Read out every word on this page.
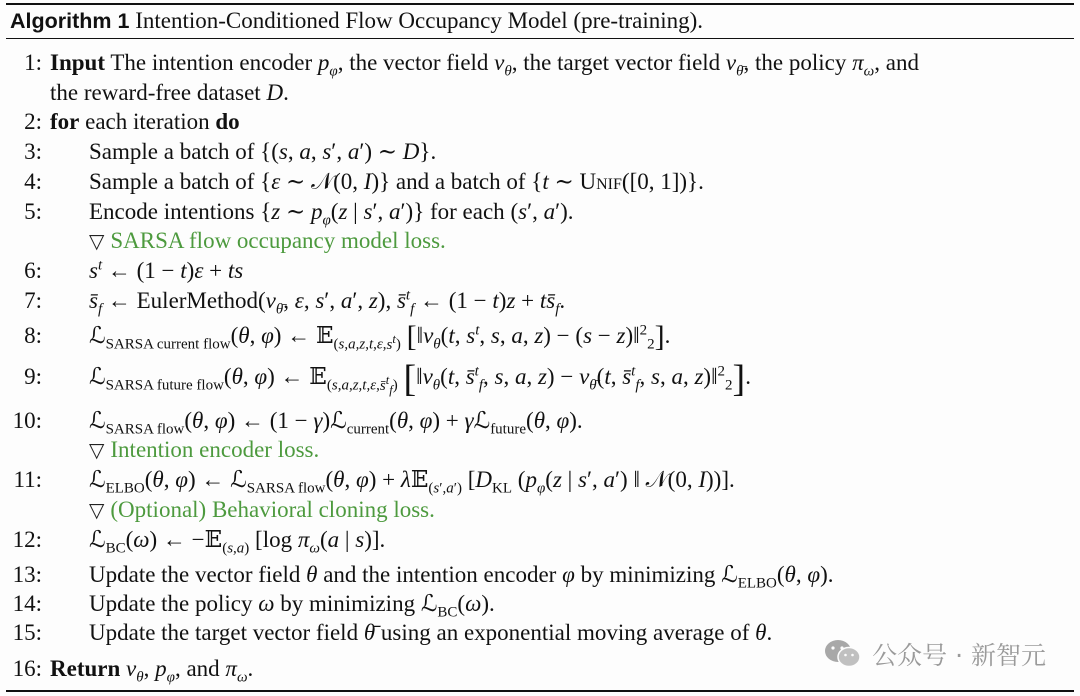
Algorithm 1 Intention-Conditioned Flow Occupancy Model (pre-training).
1: Input The intention encoder $p_\varphi$, the vector field $v_\theta$, the target vector field $v_{\thetā}$, the policy $\pi_\omega$, and
the reward-free dataset D.
2: for each iteration do
3: Sample a batch of {(s, a, s′, a′) ∼ D}.
4: Sample a batch of {ε ∼ 𝒩(0, I)} and a batch of {t ∼ Unif([0, 1])}.
5: Encode intentions {z ∼ $p_\varphi(z$ | s′, a′)} for each (s′, a′).
▽ SARSA flow occupancy model loss.
6: $s^t$ ← (1 − t)ε + ts
7: $s̄_f$ ← $EulerMethod(v_{\thetā}$, ε, s′, a′, z), s̄$^t_f$ ← $(1 - t)z + ts̄_f$.
8: ℒ$_{SARSA current flow}$(θ, φ) ← 𝔼$_{(s,a,z,t,\varepsilon,s^t)}$ [$‖v_\theta(t$, $s^t$, s, a, z) − (s − z)‖$^2_2$].
9: ℒ$_{SARSA future flow}$(θ, φ) ← 𝔼$_{(s,a,z,t,\varepsilon,s̄^t_f)}$ [$‖v_\theta(t$, s̄$^t_f$, s, a, $z) - v_{\thetā}(t$, s̄$^t_f$, s, a, z)‖$^2_2$].
10: ℒ$_{SARSA flow}$(θ, φ) ← (1 − γ)ℒ$_{current}$(θ, φ) + γℒ$_{future}$(θ, φ).
▽ Intention encoder loss.
11: ℒ$_{ELBO}$(θ, φ) ← ℒ$_{SARSA flow}$(θ, φ) + λ𝔼$_{(s',a')}$ [$D_{KL}$ ($p_\varphi(z$ | s′, a′) ‖ 𝒩(0, I))].
▽ (Optional) Behavioral cloning loss.
12: ℒ$_{BC}$(ω) ← −𝔼$_{(s,a)}$ [log $\pi_\omega(a$ | s)].
13: Update the vector field θ and the intention encoder φ by minimizing ℒ$_{ELBO}$(θ, φ).
14: Update the policy ω by minimizing ℒ$_{BC}$(ω).
15: Update the target vector field θ̄ using an exponential moving average of θ.
16: Return $v_\theta$, $p_\varphi$, and $\pi_\omega$.	公众号 · 新智元
